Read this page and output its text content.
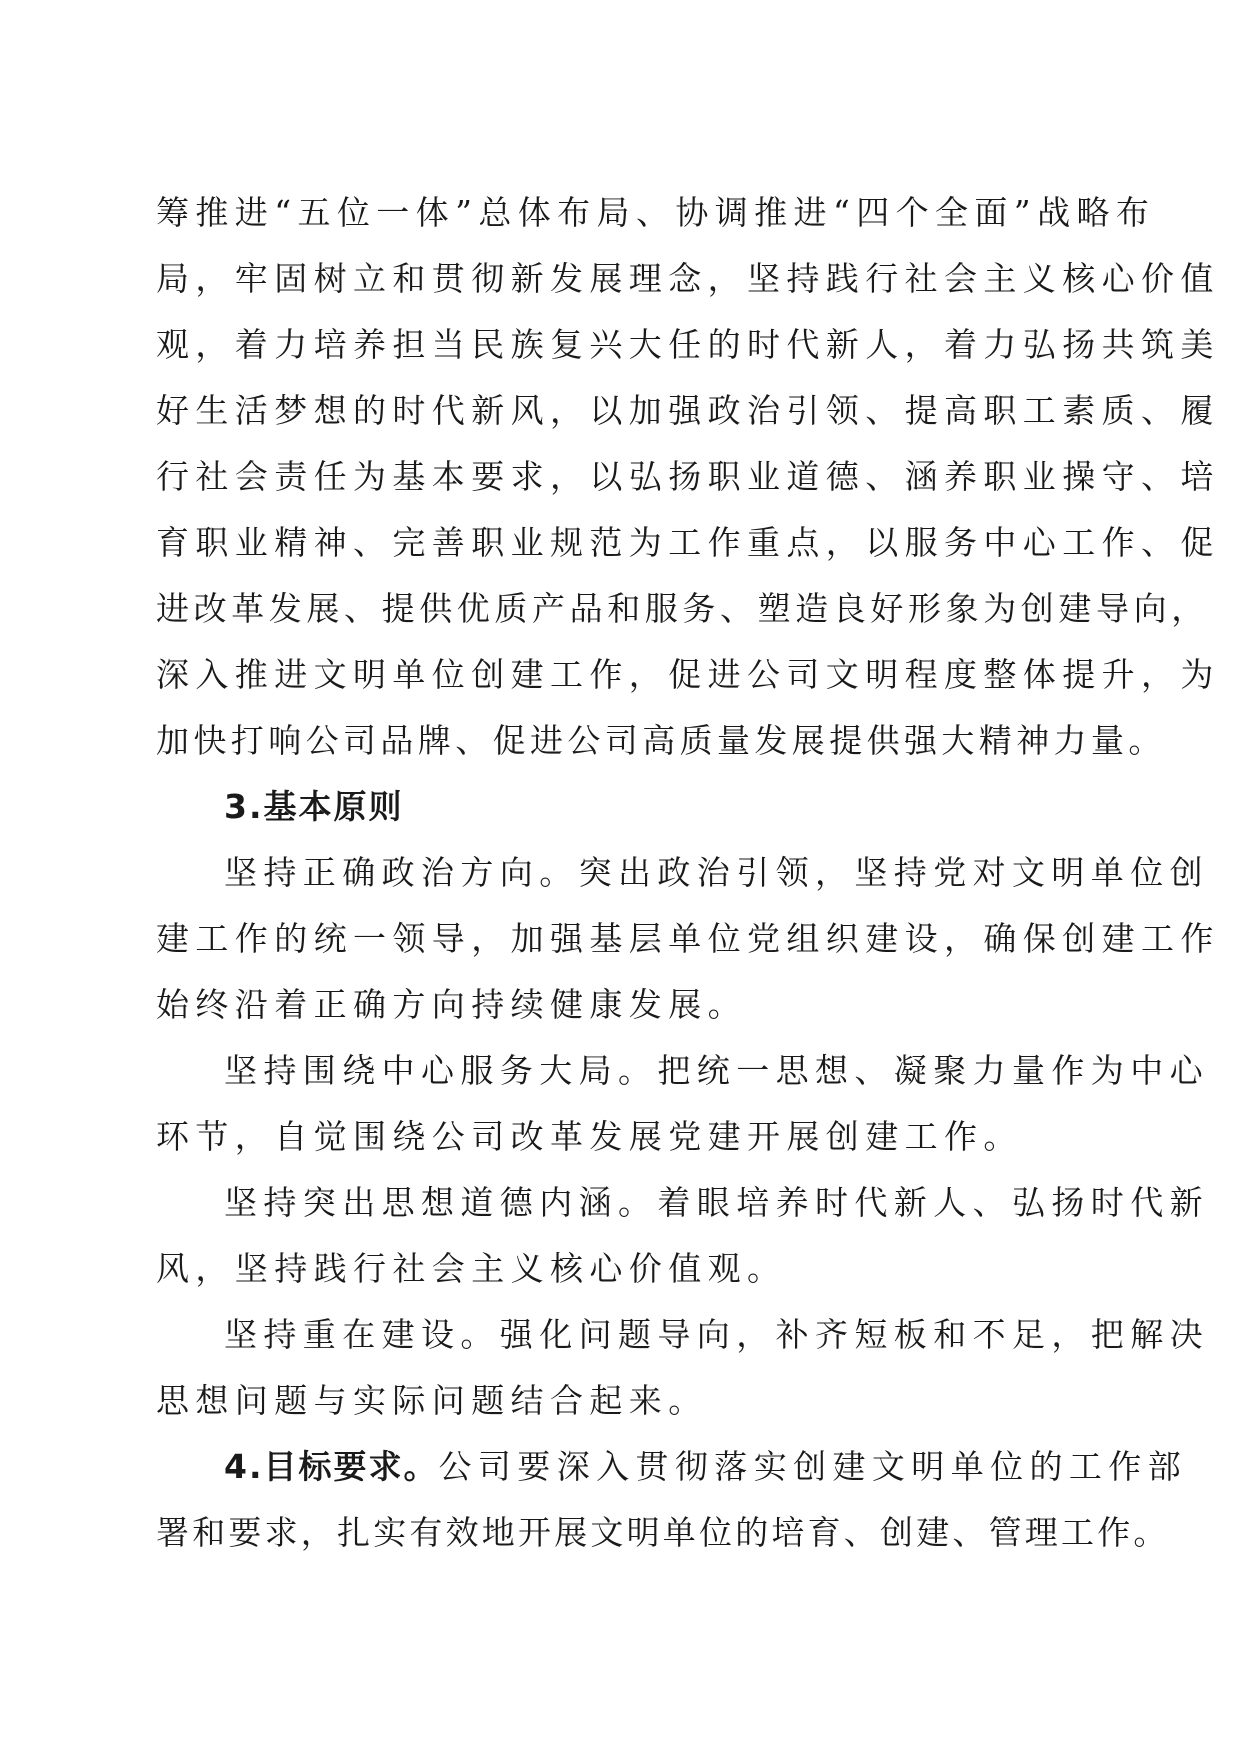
筹推进“五位一体”总体布局、协调推进“四个全面”战略布
局，牢固树立和贯彻新发展理念，坚持践行社会主义核心价值
观，着力培养担当民族复兴大任的时代新人，着力弘扬共筑美
好生活梦想的时代新风，以加强政治引领、提高职工素质、履
行社会责任为基本要求，以弘扬职业道德、涵养职业操守、培
育职业精神、完善职业规范为工作重点，以服务中心工作、促
进改革发展、提供优质产品和服务、塑造良好形象为创建导向，
深入推进文明单位创建工作，促进公司文明程度整体提升，为
加快打响公司品牌、促进公司高质量发展提供强大精神力量。
3.基本原则
坚持正确政治方向。突出政治引领，坚持党对文明单位创
建工作的统一领导，加强基层单位党组织建设，确保创建工作
始终沿着正确方向持续健康发展。
坚持围绕中心服务大局。把统一思想、凝聚力量作为中心
环节，自觉围绕公司改革发展党建开展创建工作。
坚持突出思想道德内涵。着眼培养时代新人、弘扬时代新
风，坚持践行社会主义核心价值观。
坚持重在建设。强化问题导向，补齐短板和不足，把解决
思想问题与实际问题结合起来。
4.目标要求。公司要深入贯彻落实创建文明单位的工作部
署和要求，扎实有效地开展文明单位的培育、创建、管理工作。
